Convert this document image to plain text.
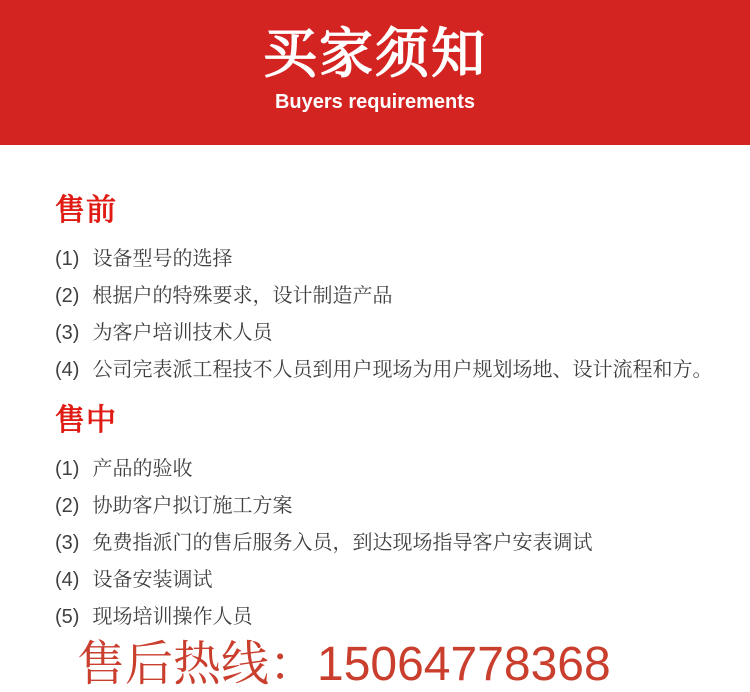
买家须知
Buyers requirements
售前
(1) 设备型号的选择
(2) 根据户的特殊要求，设计制造产品
(3) 为客户培训技术人员
(4) 公司完表派工程技不人员到用户现场为用户规划场地、设计流程和方。
售中
(1) 产品的验收
(2) 协助客户拟订施工方案
(3) 免费指派门的售后服务入员，到达现场指导客户安表调试
(4) 设备安装调试
(5) 现场培训操作人员
售后热线：15064778368
